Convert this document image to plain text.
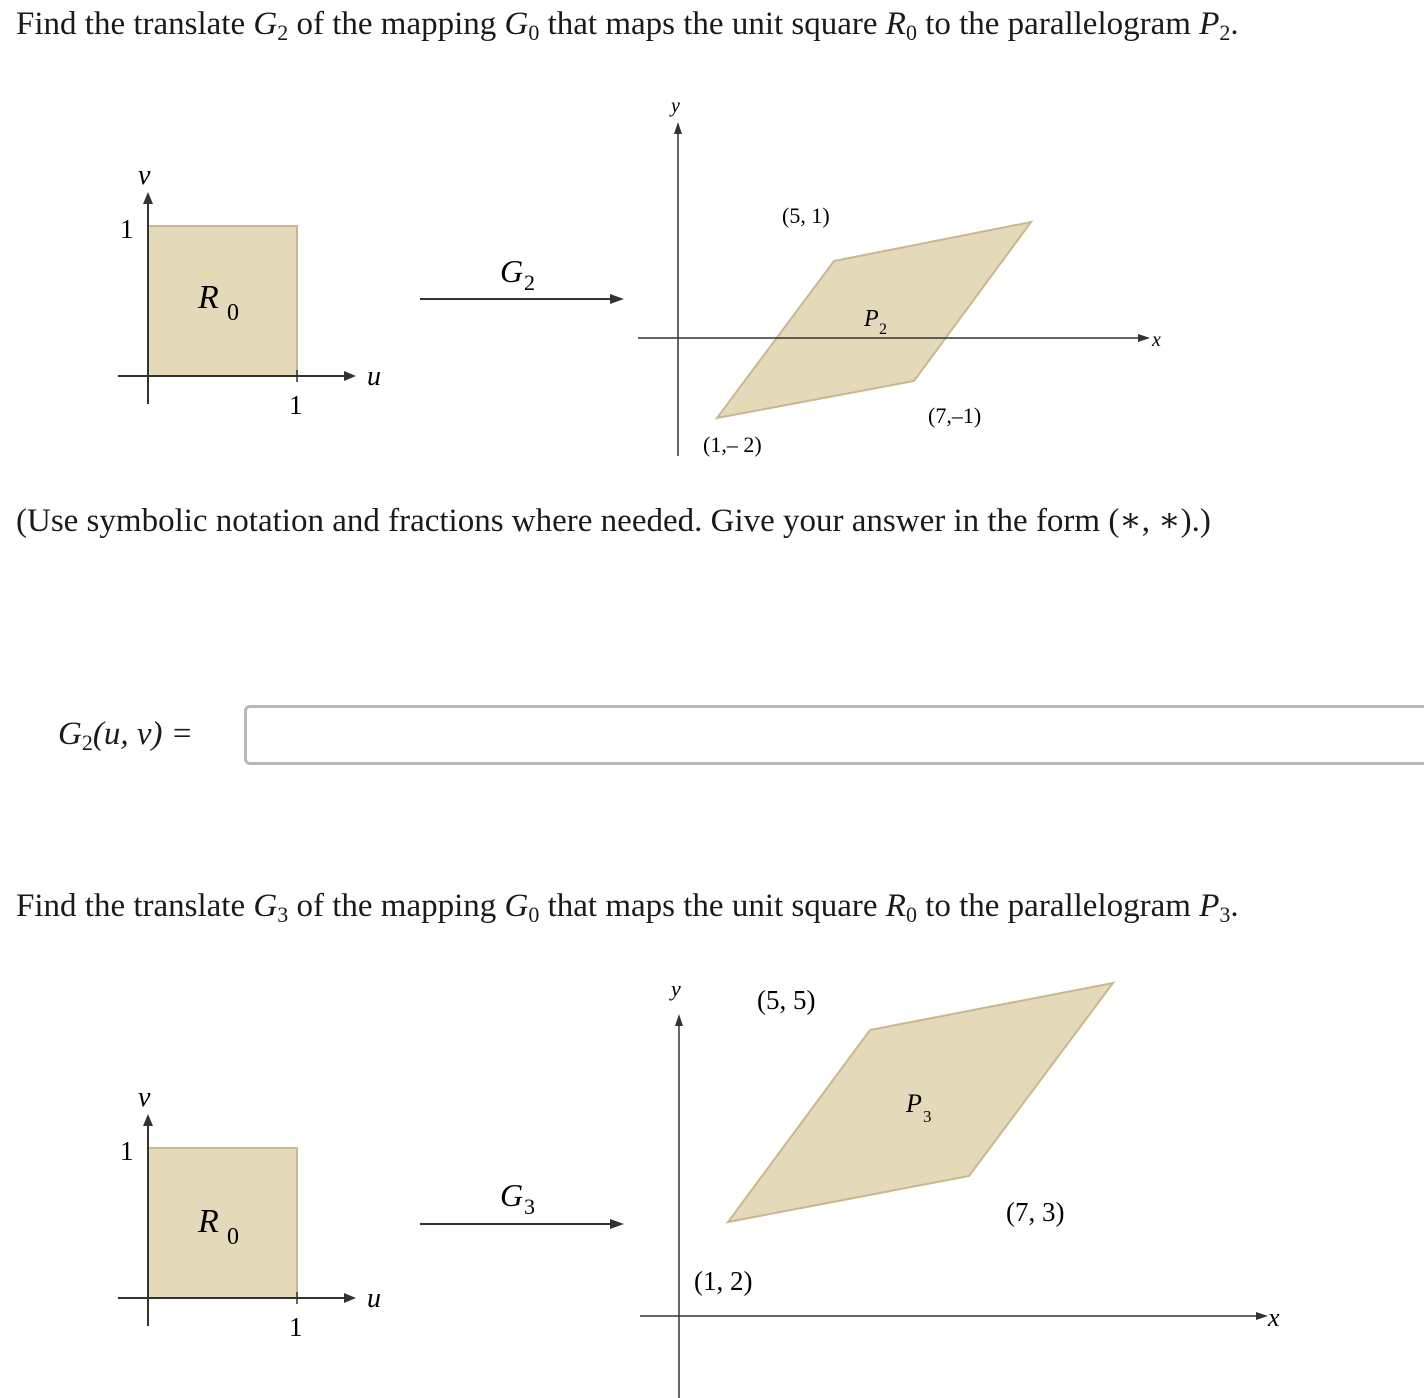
Find the translate $G_2$ of the mapping $G_0$ that maps the unit square $R_0$ to the parallelogram $P_2$.
v
1
1
u
R 0
G 2
y
x
(5, 1)
(7,–1)
(1,– 2)
P 2
(Use symbolic notation and fractions where needed. Give your answer in the form (∗, ∗).)
$G_2(u$, v) =
Find the translate $G_3$ of the mapping $G_0$ that maps the unit square $R_0$ to the parallelogram $P_3$.
v
1
1
u
R 0
G 3
y
x
(5, 5)
(7, 3)
(1, 2)
P 3
